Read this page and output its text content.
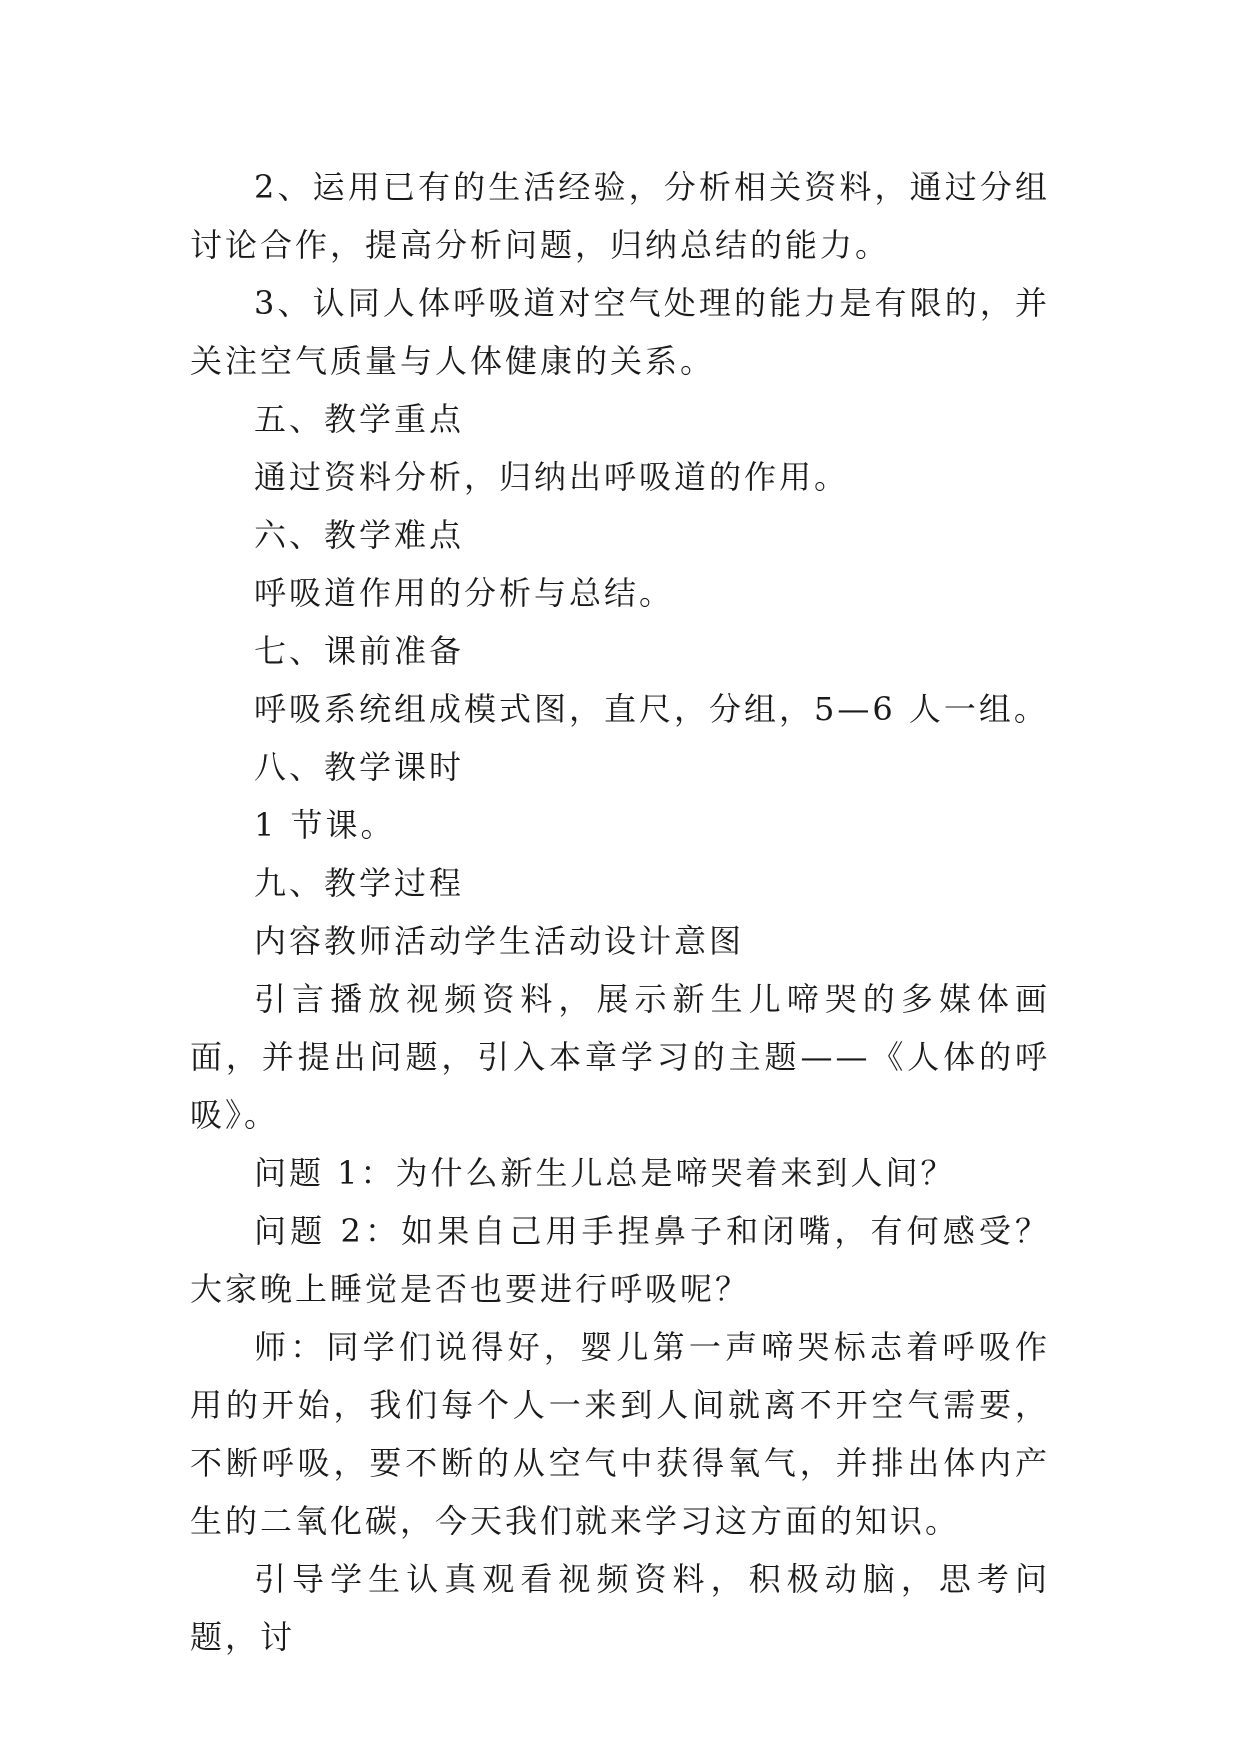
2、运用已有的生活经验，分析相关资料，通过分组讨论合作，提高分析问题，归纳总结的能力。

3、认同人体呼吸道对空气处理的能力是有限的，并关注空气质量与人体健康的关系。

五、教学重点

通过资料分析，归纳出呼吸道的作用。

六、教学难点

呼吸道作用的分析与总结。

七、课前准备

呼吸系统组成模式图，直尺，分组，5—6 人一组。

八、教学课时

1 节课。

九、教学过程

内容教师活动学生活动设计意图

引言播放视频资料，展示新生儿啼哭的多媒体画面，并提出问题，引入本章学习的主题——《人体的呼吸》。

问题 1：为什么新生儿总是啼哭着来到人间？

问题 2：如果自己用手捏鼻子和闭嘴，有何感受？大家晚上睡觉是否也要进行呼吸呢？

师：同学们说得好，婴儿第一声啼哭标志着呼吸作用的开始，我们每个人一来到人间就离不开空气需要，不断呼吸，要不断的从空气中获得氧气，并排出体内产生的二氧化碳，今天我们就来学习这方面的知识。

引导学生认真观看视频资料，积极动脑，思考问题，讨
